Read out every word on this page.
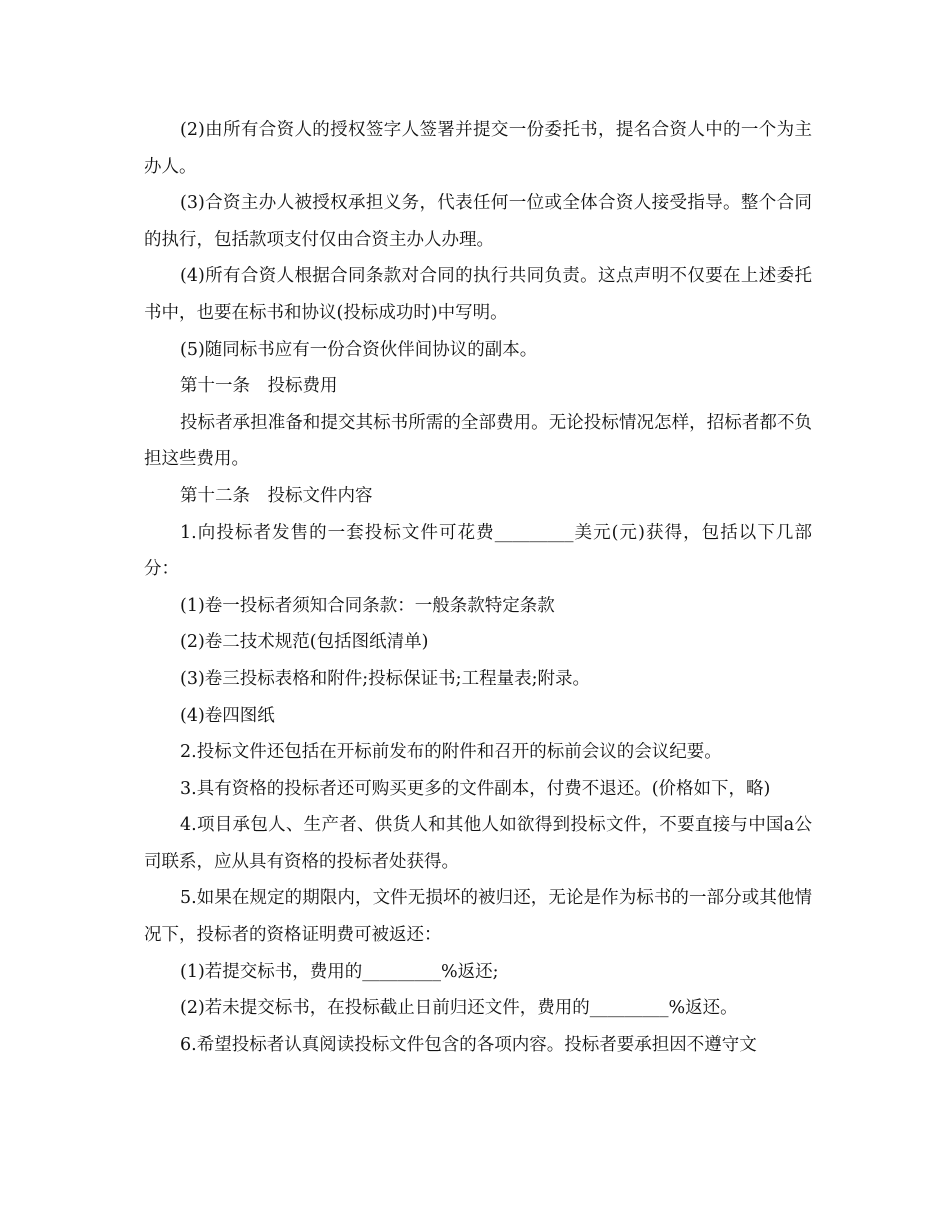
(2)由所有合资人的授权签字人签署并提交一份委托书，提名合资人中的一个为主办人。

(3)合资主办人被授权承担义务，代表任何一位或全体合资人接受指导。整个合同的执行，包括款项支付仅由合资主办人办理。

(4)所有合资人根据合同条款对合同的执行共同负责。这点声明不仅要在上述委托书中，也要在标书和协议(投标成功时)中写明。

(5)随同标书应有一份合资伙伴间协议的副本。

第十一条　投标费用

投标者承担准备和提交其标书所需的全部费用。无论投标情况怎样，招标者都不负担这些费用。

第十二条　投标文件内容

1.向投标者发售的一套投标文件可花费_________美元(元)获得，包括以下几部分：

(1)卷一投标者须知合同条款：一般条款特定条款

(2)卷二技术规范(包括图纸清单)

(3)卷三投标表格和附件;投标保证书;工程量表;附录。

(4)卷四图纸

2.投标文件还包括在开标前发布的附件和召开的标前会议的会议纪要。

3.具有资格的投标者还可购买更多的文件副本，付费不退还。(价格如下，略)

4.项目承包人、生产者、供货人和其他人如欲得到投标文件，不要直接与中国a公司联系，应从具有资格的投标者处获得。

5.如果在规定的期限内，文件无损坏的被归还，无论是作为标书的一部分或其他情况下，投标者的资格证明费可被返还：

(1)若提交标书，费用的_________%返还;

(2)若未提交标书，在投标截止日前归还文件，费用的_________%返还。

6.希望投标者认真阅读投标文件包含的各项内容。投标者要承担因不遵守文
